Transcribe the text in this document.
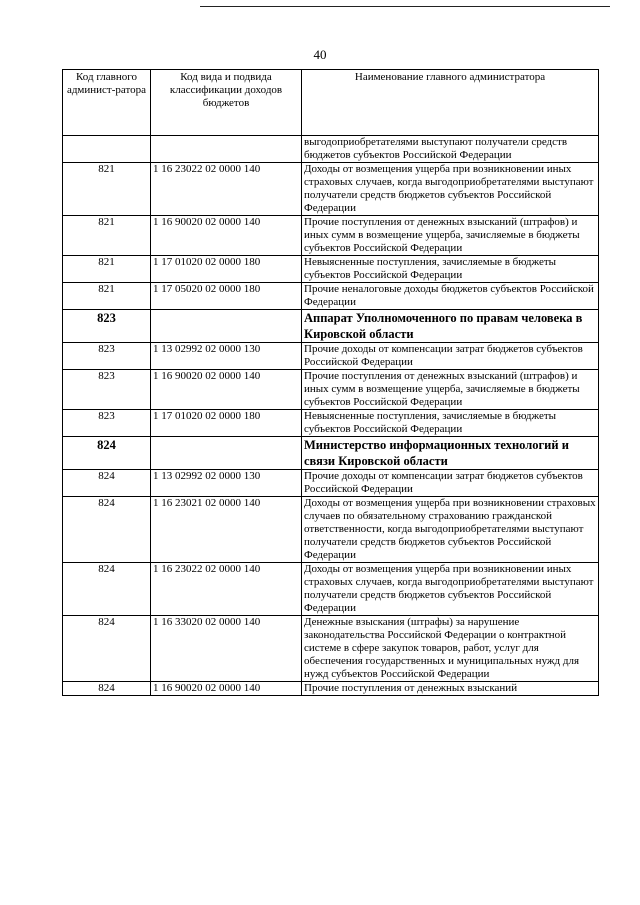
40
Код главного админист-ратора	Код вида и подвида классификации доходов бюджетов	Наименование главного администратора
		выгодоприобретателями выступают получатели средств бюджетов субъектов Российской Федерации
821	1 16 23022 02 0000 140	Доходы от возмещения ущерба при возникновении иных страховых случаев, когда выгодоприобретателями выступают получатели средств бюджетов субъектов Российской Федерации
821	1 16 90020 02 0000 140	Прочие поступления от денежных взысканий (штрафов) и иных сумм в возмещение ущерба, зачисляемые в бюджеты субъектов Российской Федерации
821	1 17 01020 02 0000 180	Невыясненные поступления, зачисляемые в бюджеты субъектов Российской Федерации
821	1 17 05020 02 0000 180	Прочие неналоговые доходы бюджетов субъектов Российской Федерации
823		Аппарат Уполномоченного по правам человека в Кировской области
823	1 13 02992 02 0000 130	Прочие доходы от компенсации затрат бюджетов субъектов Российской Федерации
823	1 16 90020 02 0000 140	Прочие поступления от денежных взысканий (штрафов) и иных сумм в возмещение ущерба, зачисляемые в бюджеты субъектов Российской Федерации
823	1 17 01020 02 0000 180	Невыясненные поступления, зачисляемые в бюджеты субъектов Российской Федерации
824		Министерство информационных технологий и связи Кировской области
824	1 13 02992 02 0000 130	Прочие доходы от компенсации затрат бюджетов субъектов Российской Федерации
824	1 16 23021 02 0000 140	Доходы от возмещения ущерба при возникновении страховых случаев по обязательному страхованию гражданской ответственности, когда выгодоприобретателями выступают получатели средств бюджетов субъектов Российской Федерации
824	1 16 23022 02 0000 140	Доходы от возмещения ущерба при возникновении иных страховых случаев, когда выгодоприобретателями выступают получатели средств бюджетов субъектов Российской Федерации
824	1 16 33020 02 0000 140	Денежные взыскания (штрафы) за нарушение законодательства Российской Федерации о контрактной системе в сфере закупок товаров, работ, услуг для обеспечения государственных и муниципальных нужд для нужд субъектов Российской Федерации
824	1 16 90020 02 0000 140	Прочие поступления от денежных взысканий
